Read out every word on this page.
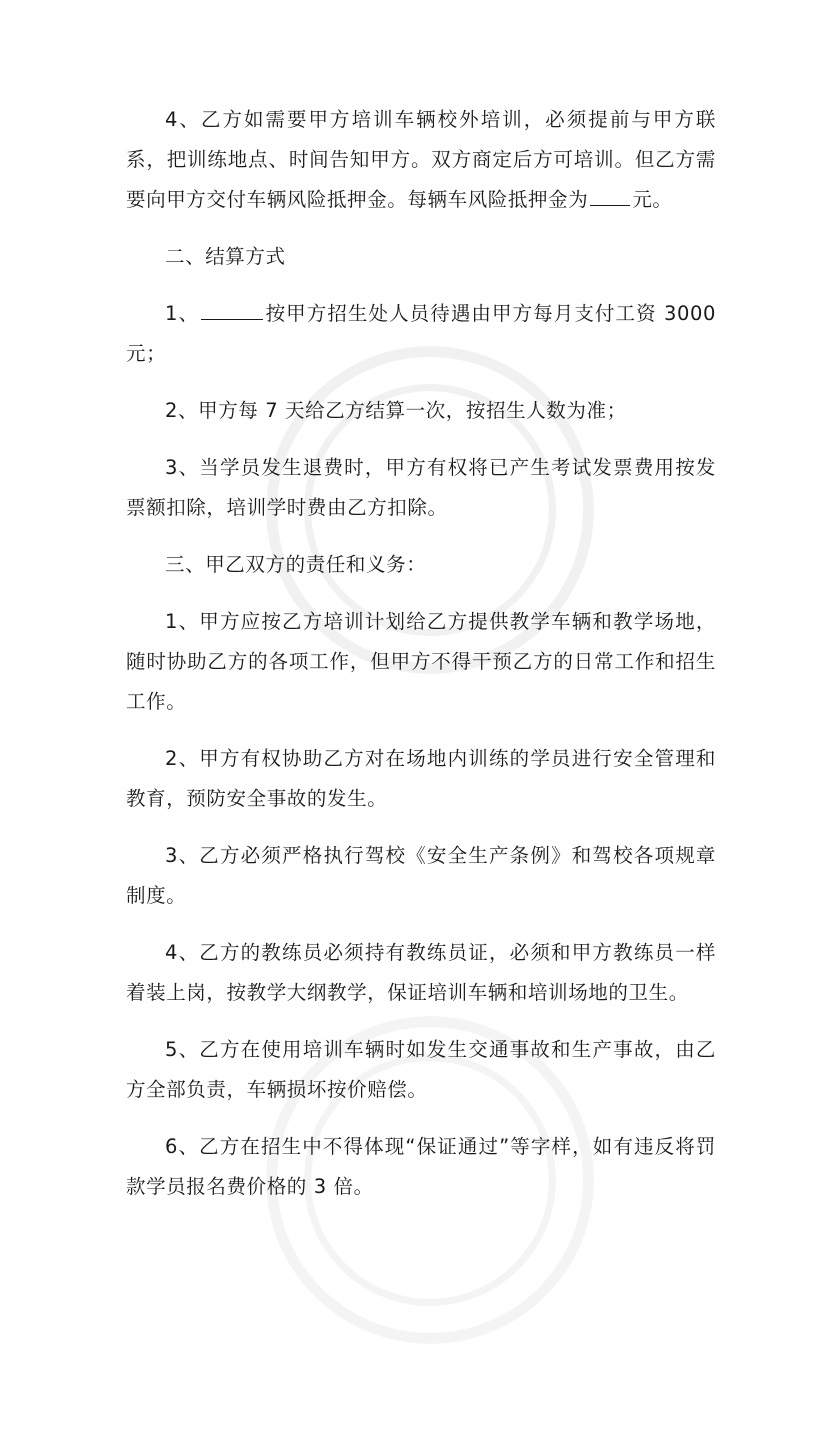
4、乙方如需要甲方培训车辆校外培训，必须提前与甲方联系，把训练地点、时间告知甲方。双方商定后方可培训。但乙方需要向甲方交付车辆风险抵押金。每辆车风险抵押金为 元。

二、结算方式

1、	按甲方招生处人员待遇由甲方每月支付工资 3000 元；

2、甲方每 7 天给乙方结算一次，按招生人数为准；

3、当学员发生退费时，甲方有权将已产生考试发票费用按发票额扣除，培训学时费由乙方扣除。

三、甲乙双方的责任和义务：

1、甲方应按乙方培训计划给乙方提供教学车辆和教学场地，随时协助乙方的各项工作，但甲方不得干预乙方的日常工作和招生工作。

2、甲方有权协助乙方对在场地内训练的学员进行安全管理和教育，预防安全事故的发生。

3、乙方必须严格执行驾校《安全生产条例》和驾校各项规章制度。

4、乙方的教练员必须持有教练员证，必须和甲方教练员一样着装上岗，按教学大纲教学，保证培训车辆和培训场地的卫生。

5、乙方在使用培训车辆时如发生交通事故和生产事故，由乙方全部负责，车辆损坏按价赔偿。

6、乙方在招生中不得体现“保证通过”等字样，如有违反将罚款学员报名费价格的 3 倍。
